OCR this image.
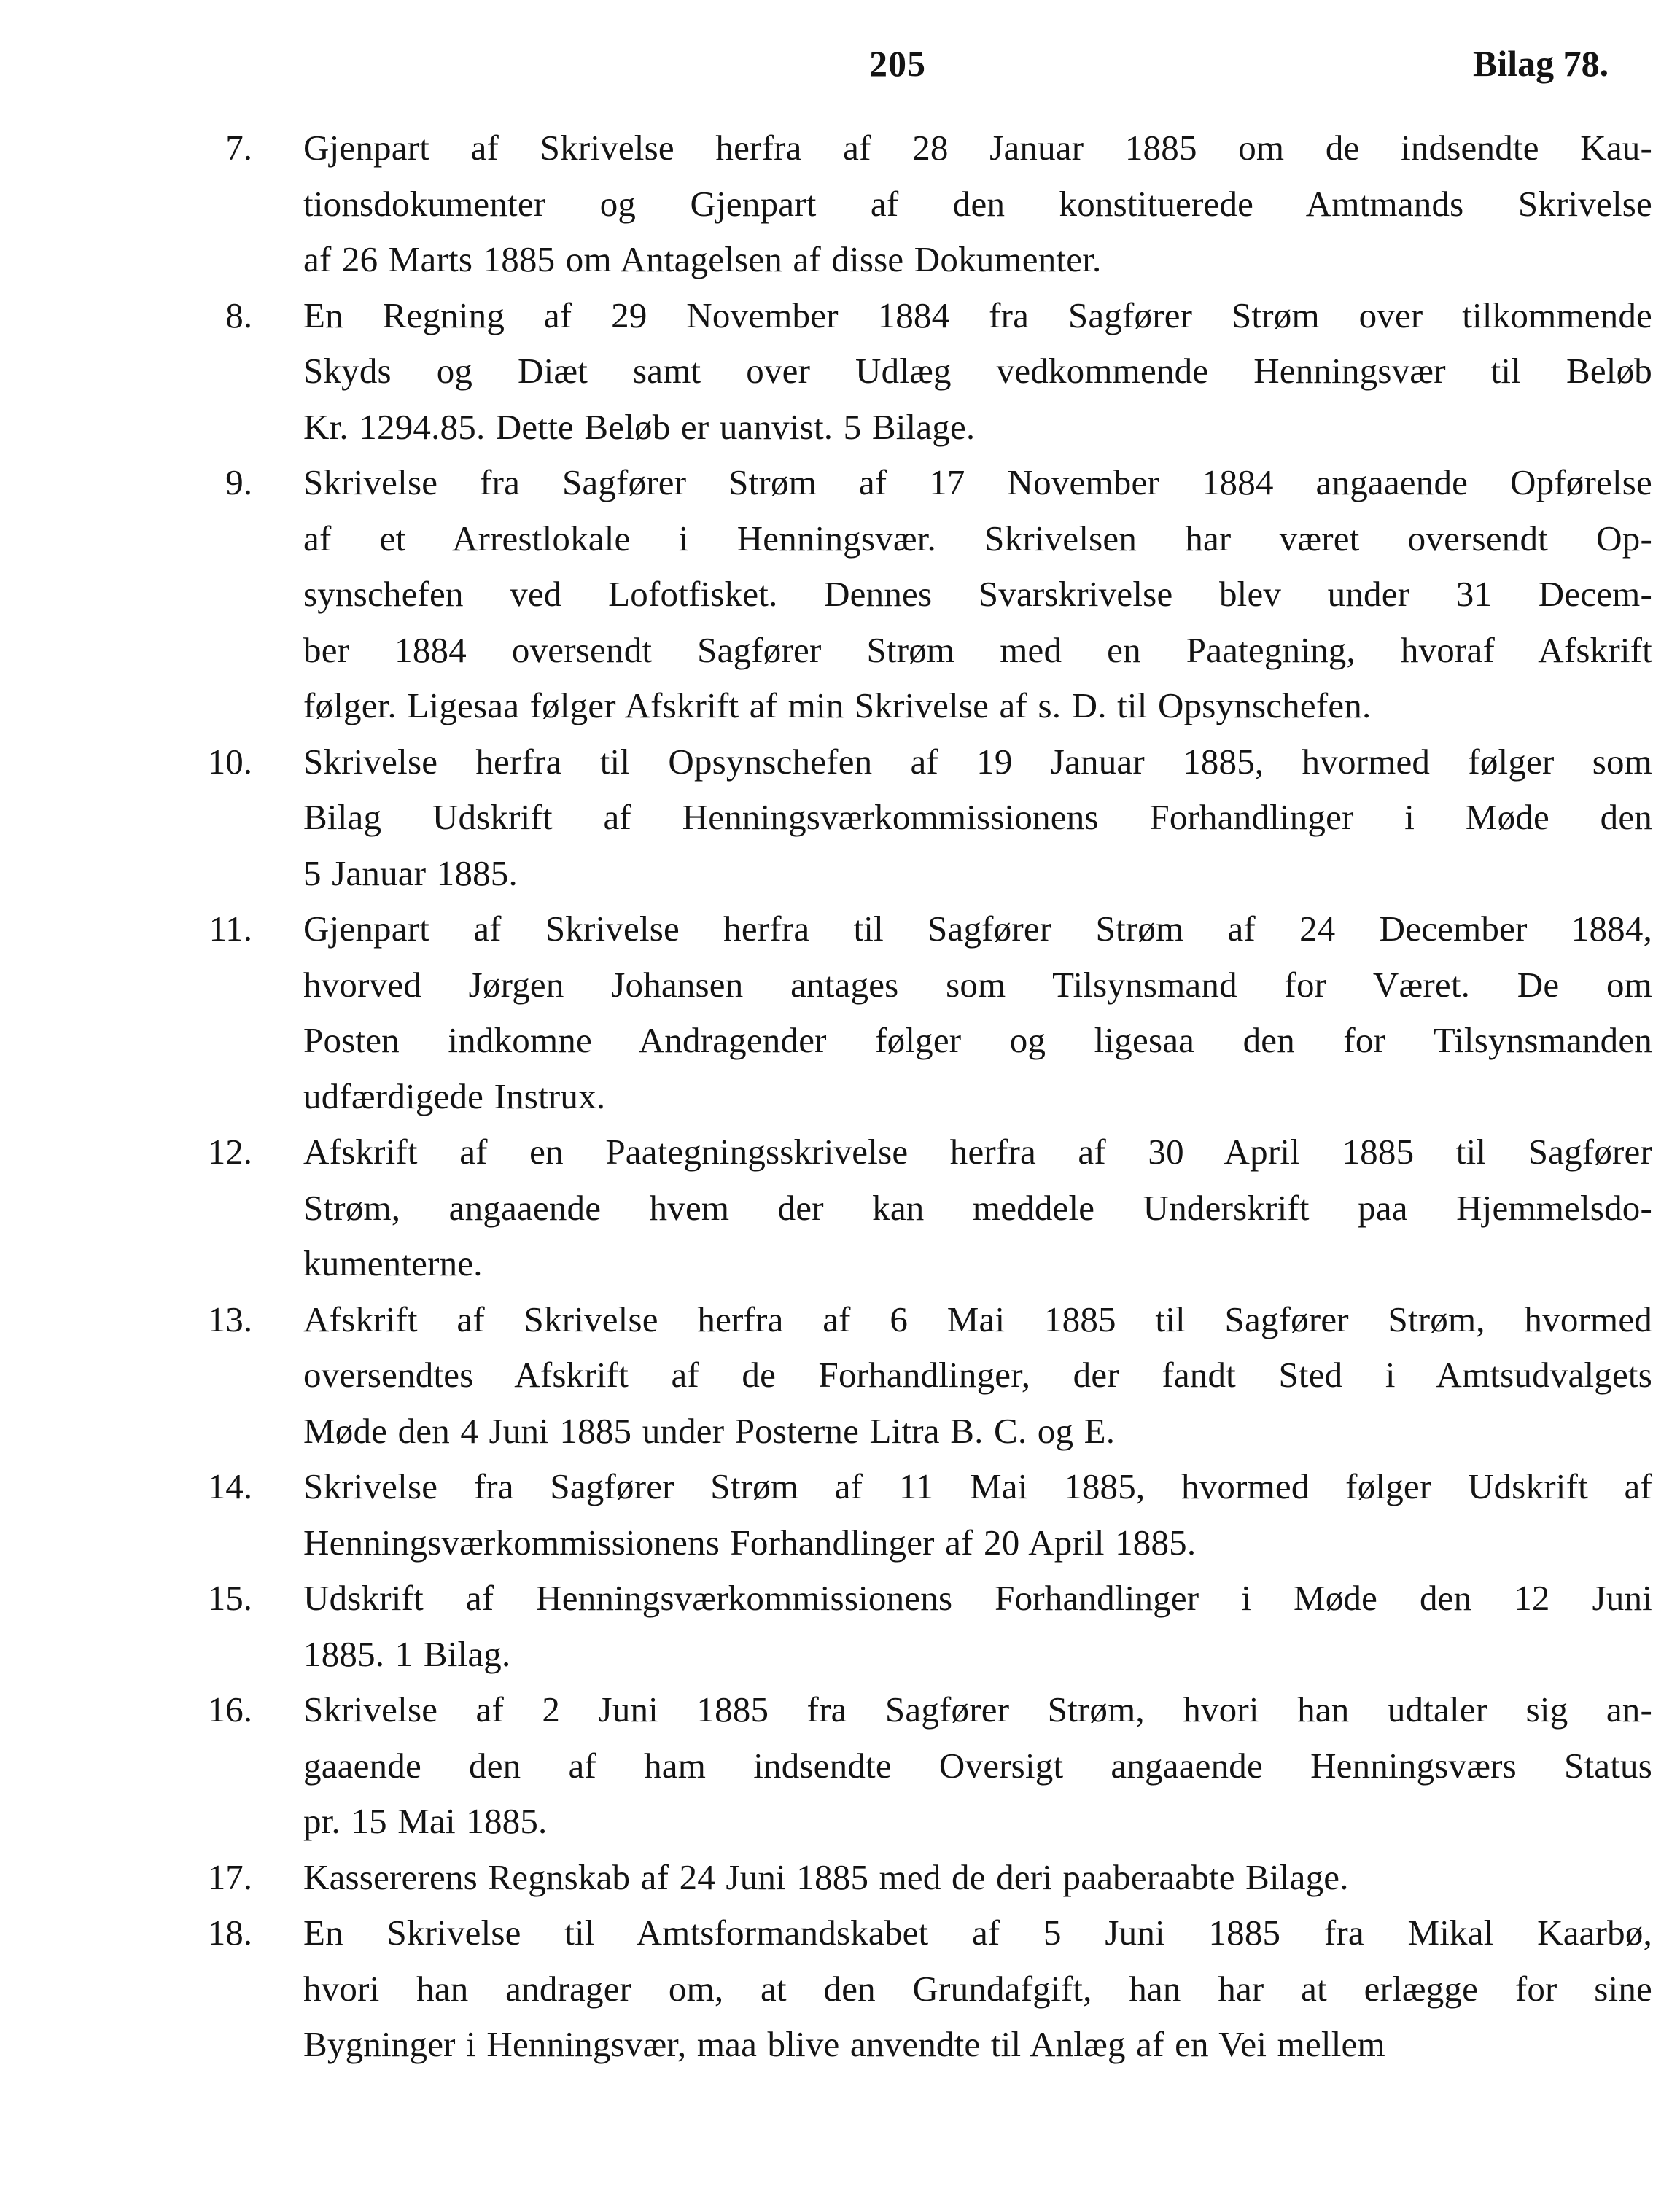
205	Bilag 78.
7. Gjenpart af Skrivelse herfra af 28 Januar 1885 om de indsendte Kau-
tionsdokumenter og Gjenpart af den konstituerede Amtmands Skrivelse
af 26 Marts 1885 om Antagelsen af disse Dokumenter.
8. En Regning af 29 November 1884 fra Sagfører Strøm over tilkommende
Skyds og Diæt samt over Udlæg vedkommende Henningsvær til Beløb
Kr. 1294.85. Dette Beløb er uanvist. 5 Bilage.
9. Skrivelse fra Sagfører Strøm af 17 November 1884 angaaende Opførelse
af et Arrestlokale i Henningsvær. Skrivelsen har været oversendt Op-
synschefen ved Lofotfisket. Dennes Svarskrivelse blev under 31 Decem-
ber 1884 oversendt Sagfører Strøm med en Paategning, hvoraf Afskrift
følger. Ligesaa følger Afskrift af min Skrivelse af s. D. til Opsynschefen.
10. Skrivelse herfra til Opsynschefen af 19 Januar 1885, hvormed følger som
Bilag Udskrift af Henningsværkommissionens Forhandlinger i Møde den
5 Januar 1885.
11. Gjenpart af Skrivelse herfra til Sagfører Strøm af 24 December 1884,
hvorved Jørgen Johansen antages som Tilsynsmand for Været. De om
Posten indkomne Andragender følger og ligesaa den for Tilsynsmanden
udfærdigede Instrux.
12. Afskrift af en Paategningsskrivelse herfra af 30 April 1885 til Sagfører
Strøm, angaaende hvem der kan meddele Underskrift paa Hjemmelsdo-
kumenterne.
13. Afskrift af Skrivelse herfra af 6 Mai 1885 til Sagfører Strøm, hvormed
oversendtes Afskrift af de Forhandlinger, der fandt Sted i Amtsudvalgets
Møde den 4 Juni 1885 under Posterne Litra B. C. og E.
14. Skrivelse fra Sagfører Strøm af 11 Mai 1885, hvormed følger Udskrift af
Henningsværkommissionens Forhandlinger af 20 April 1885.
15. Udskrift af Henningsværkommissionens Forhandlinger i Møde den 12 Juni
1885. 1 Bilag.
16. Skrivelse af 2 Juni 1885 fra Sagfører Strøm, hvori han udtaler sig an-
gaaende den af ham indsendte Oversigt angaaende Henningsværs Status
pr. 15 Mai 1885.
17. Kassererens Regnskab af 24 Juni 1885 med de deri paaberaabte Bilage.
18. En Skrivelse til Amtsformandskabet af 5 Juni 1885 fra Mikal Kaarbø,
hvori han andrager om, at den Grundafgift, han har at erlægge for sine
Bygninger i Henningsvær, maa blive anvendte til Anlæg af en Vei mellem
